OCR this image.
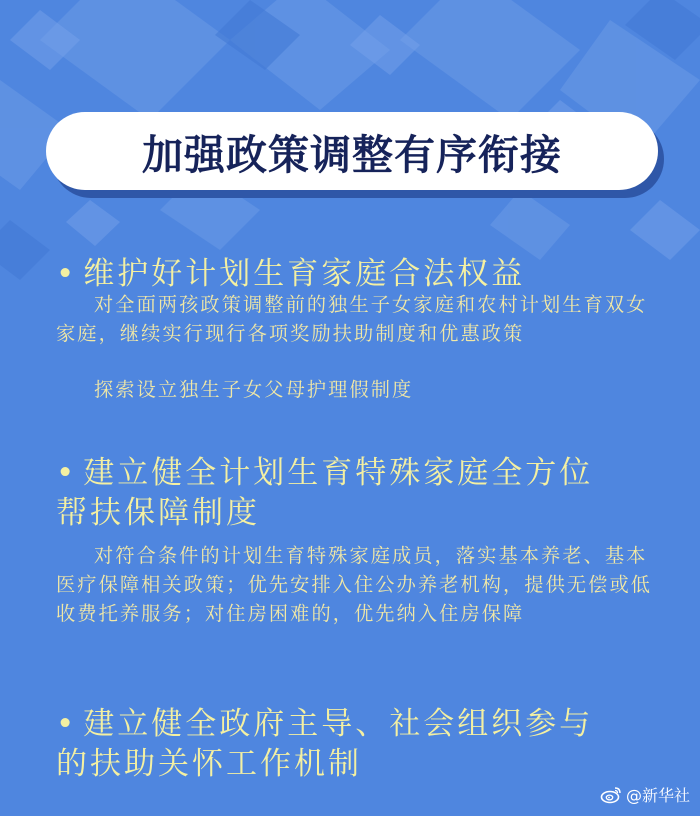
加强政策调整有序衔接
• 维护好计划生育家庭合法权益
对全面两孩政策调整前的独生子女家庭和农村计划生育双女家庭，继续实行现行各项奖励扶助制度和优惠政策
探索设立独生子女父母护理假制度
• 建立健全计划生育特殊家庭全方位
帮扶保障制度
对符合条件的计划生育特殊家庭成员，落实基本养老、基本医疗保障相关政策；优先安排入住公办养老机构，提供无偿或低收费托养服务；对住房困难的，优先纳入住房保障
• 建立健全政府主导、社会组织参与
的扶助关怀工作机制
@新华社
